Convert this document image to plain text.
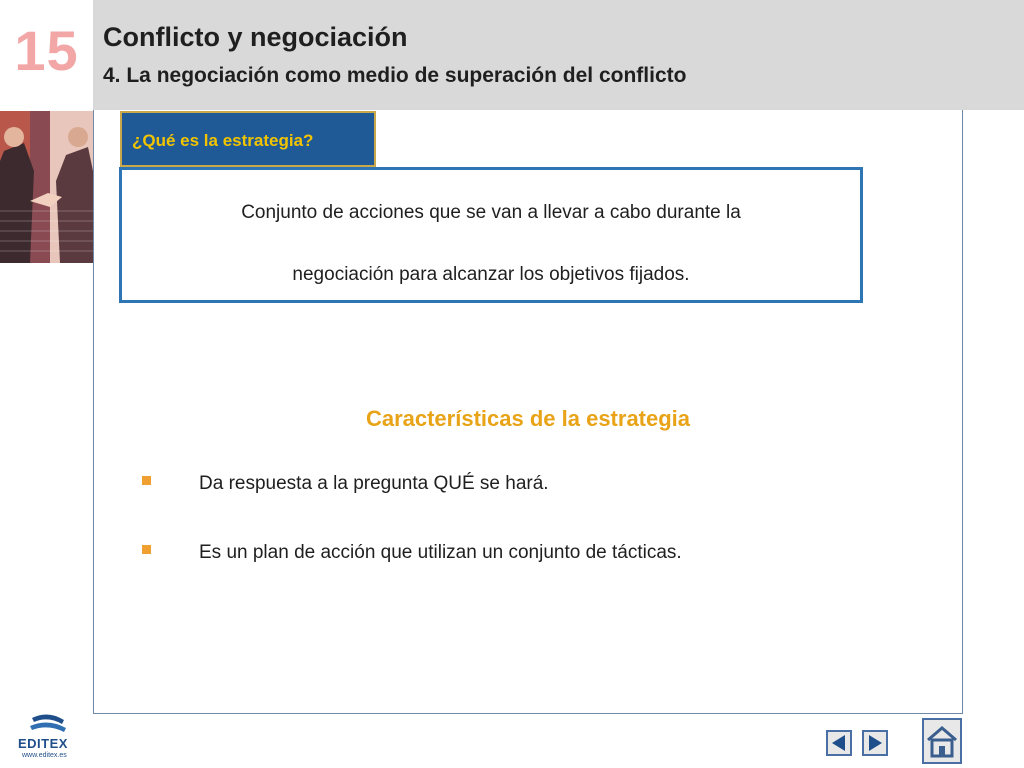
15 Conflicto y negociación
4. La negociación como medio de superación del conflicto
¿Qué es la estrategia?
Conjunto de acciones que se van a llevar a cabo durante la
negociación para alcanzar los objetivos fijados.
Características de la estrategia
Da respuesta a la pregunta QUÉ se hará.
Es un plan de acción que utilizan un conjunto de tácticas.
EDITEX
www.editex.es
